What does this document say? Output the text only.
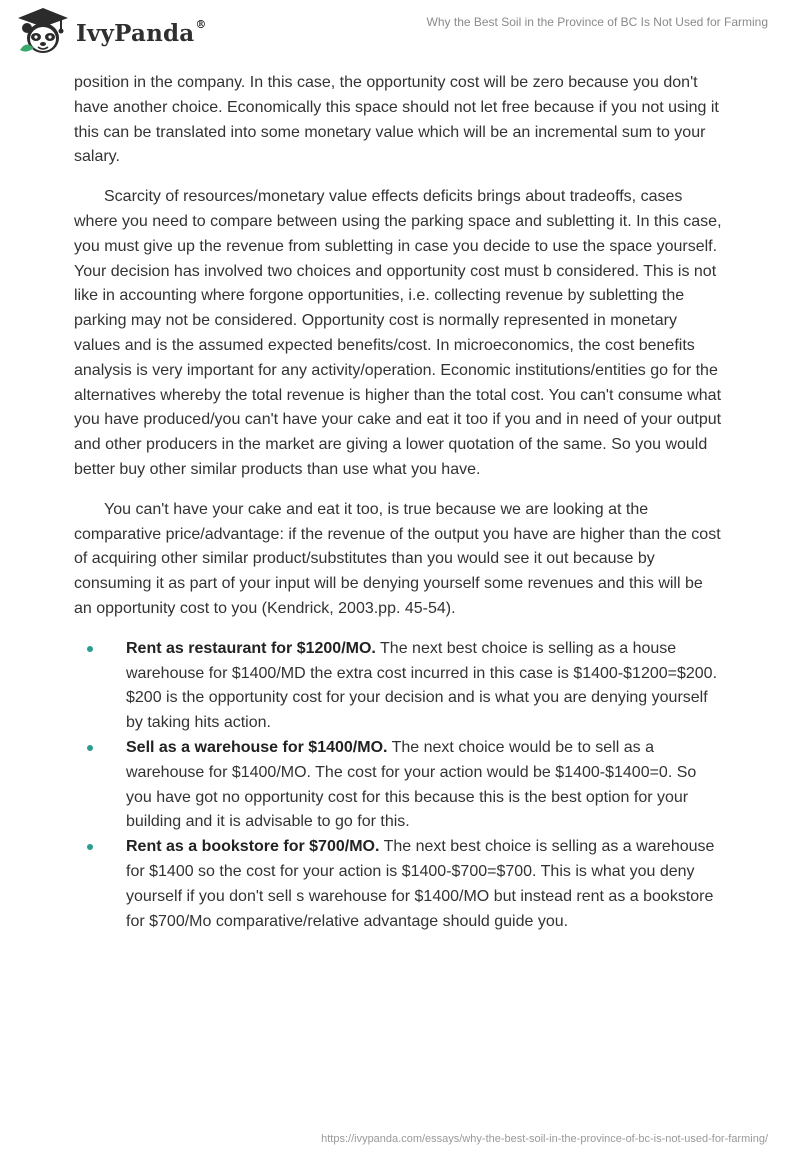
IvyPanda®	Why the Best Soil in the Province of BC Is Not Used for Farming

position in the company. In this case, the opportunity cost will be zero because you don't have another choice. Economically this space should not let free because if you not using it this can be translated into some monetary value which will be an incremental sum to your salary.

Scarcity of resources/monetary value effects deficits brings about tradeoffs, cases where you need to compare between using the parking space and subletting it. In this case, you must give up the revenue from subletting in case you decide to use the space yourself. Your decision has involved two choices and opportunity cost must b considered. This is not like in accounting where forgone opportunities, i.e. collecting revenue by subletting the parking may not be considered. Opportunity cost is normally represented in monetary values and is the assumed expected benefits/cost. In microeconomics, the cost benefits analysis is very important for any activity/operation. Economic institutions/entities go for the alternatives whereby the total revenue is higher than the total cost. You can't consume what you have produced/you can't have your cake and eat it too if you and in need of your output and other producers in the market are giving a lower quotation of the same. So you would better buy other similar products than use what you have.

You can't have your cake and eat it too, is true because we are looking at the comparative price/advantage: if the revenue of the output you have are higher than the cost of acquiring other similar product/substitutes than you would see it out because by consuming it as part of your input will be denying yourself some revenues and this will be an opportunity cost to you (Kendrick, 2003.pp. 45-54).

Rent as restaurant for $1200/MO. The next best choice is selling as a house warehouse for $1400/MD the extra cost incurred in this case is $1400-$1200=$200. $200 is the opportunity cost for your decision and is what you are denying yourself by taking hits action.
Sell as a warehouse for $1400/MO. The next choice would be to sell as a warehouse for $1400/MO. The cost for your action would be $1400-$1400=0. So you have got no opportunity cost for this because this is the best option for your building and it is advisable to go for this.
Rent as a bookstore for $700/MO. The next best choice is selling as a warehouse for $1400 so the cost for your action is $1400-$700=$700. This is what you deny yourself if you don't sell s warehouse for $1400/MO but instead rent as a bookstore for $700/Mo comparative/relative advantage should guide you.
https://ivypanda.com/essays/why-the-best-soil-in-the-province-of-bc-is-not-used-for-farming/
